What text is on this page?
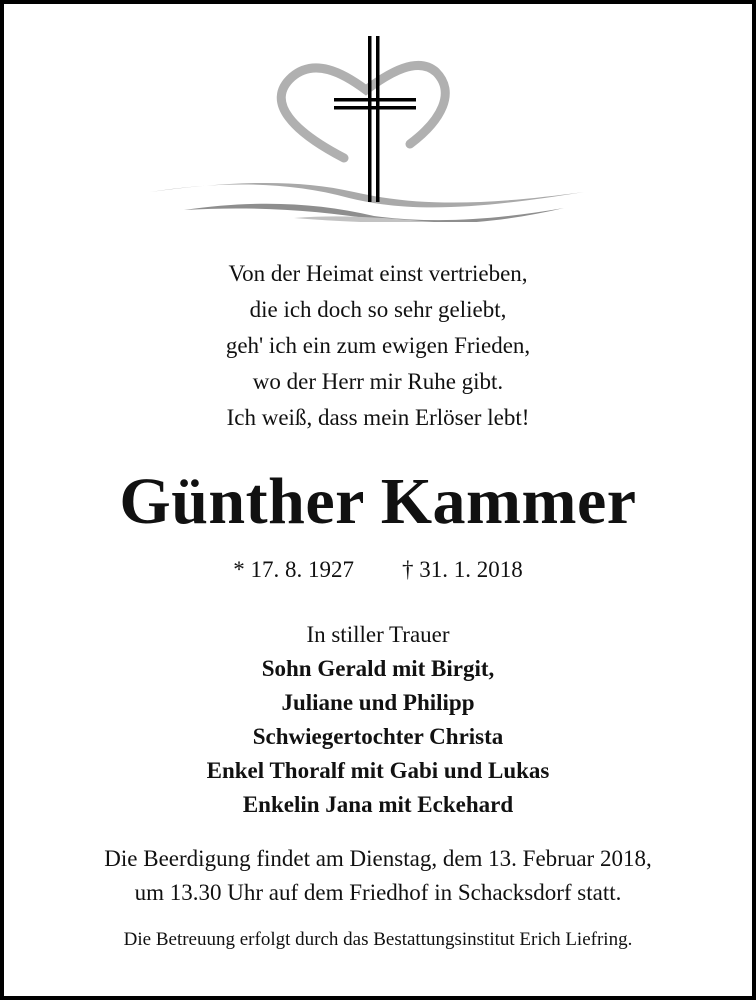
Von der Heimat einst vertrieben,
die ich doch so sehr geliebt,
geh' ich ein zum ewigen Frieden,
wo der Herr mir Ruhe gibt.
Ich weiß, dass mein Erlöser lebt!
Günther Kammer
* 17. 8. 1927 † 31. 1. 2018
In stiller Trauer
Sohn Gerald mit Birgit,
Juliane und Philipp
Schwiegertochter Christa
Enkel Thoralf mit Gabi und Lukas
Enkelin Jana mit Eckehard
Die Beerdigung findet am Dienstag, dem 13. Februar 2018,
um 13.30 Uhr auf dem Friedhof in Schacksdorf statt.
Die Betreuung erfolgt durch das Bestattungsinstitut Erich Liefring.
